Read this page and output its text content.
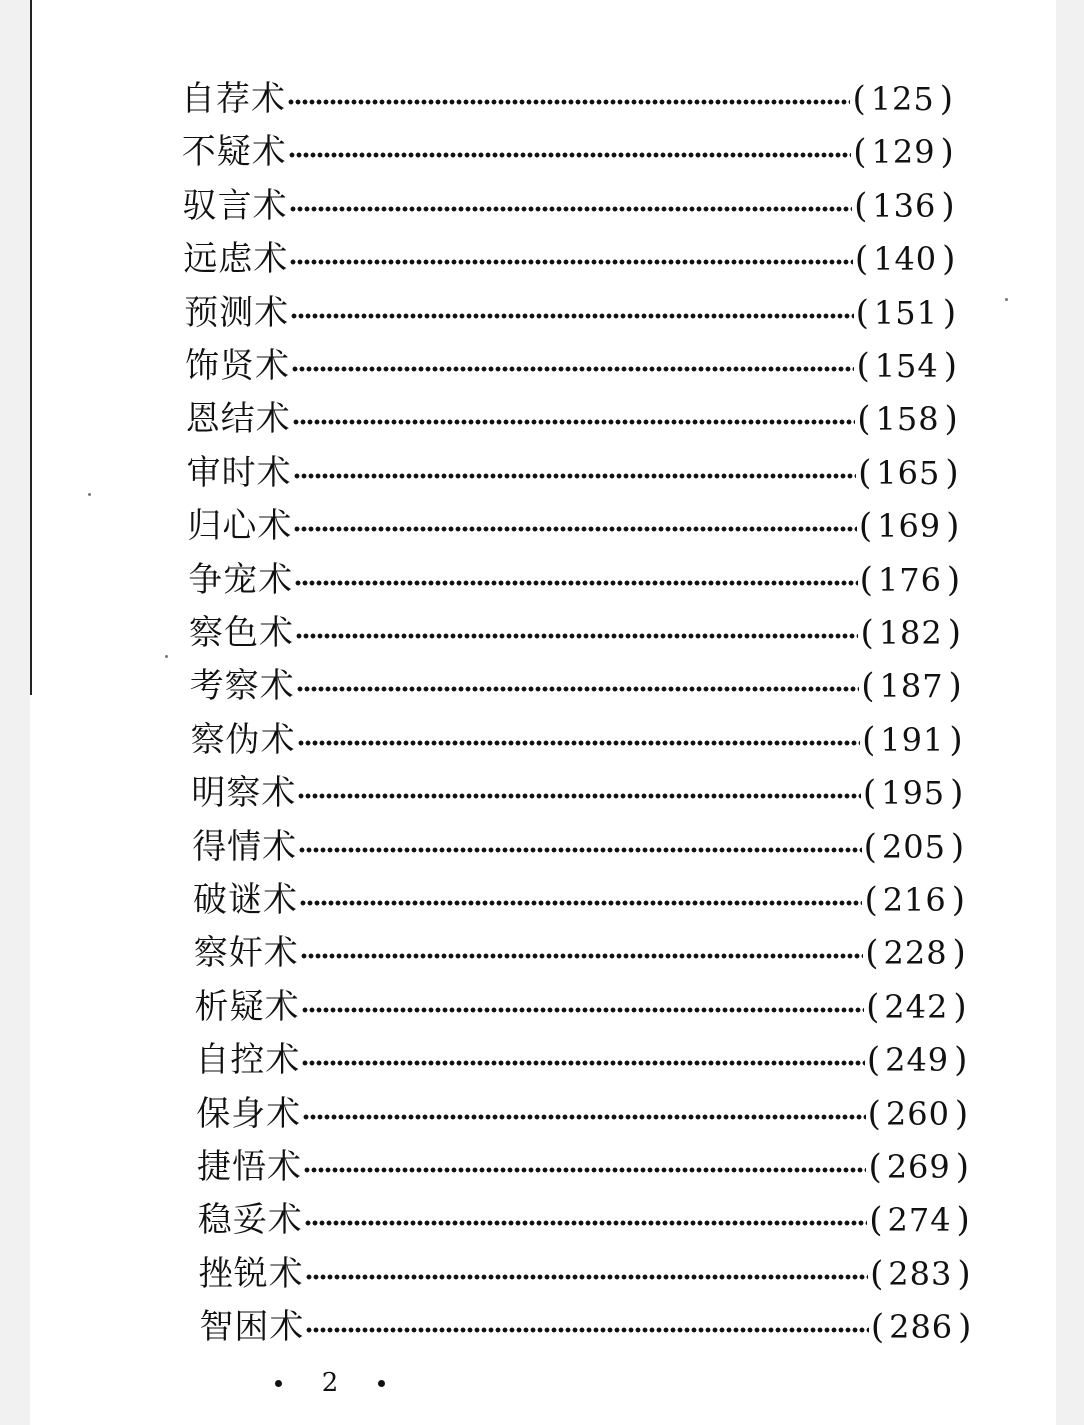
自荐术	( 125 )
不疑术	( 129 )
驭言术	( 136 )
远虑术	( 140 )
预测术	( 151 )
饰贤术	( 154 )
恩结术	( 158 )
审时术	( 165 )
归心术	( 169 )
争宠术	( 176 )
察色术	( 182 )
考察术	( 187 )
察伪术	( 191 )
明察术	( 195 )
得情术	( 205 )
破谜术	( 216 )
察奸术	( 228 )
析疑术	( 242 )
自控术	( 249 )
保身术	( 260 )
捷悟术	( 269 )
稳妥术	( 274 )
挫锐术	( 283 )
智困术	( 286 )
2
